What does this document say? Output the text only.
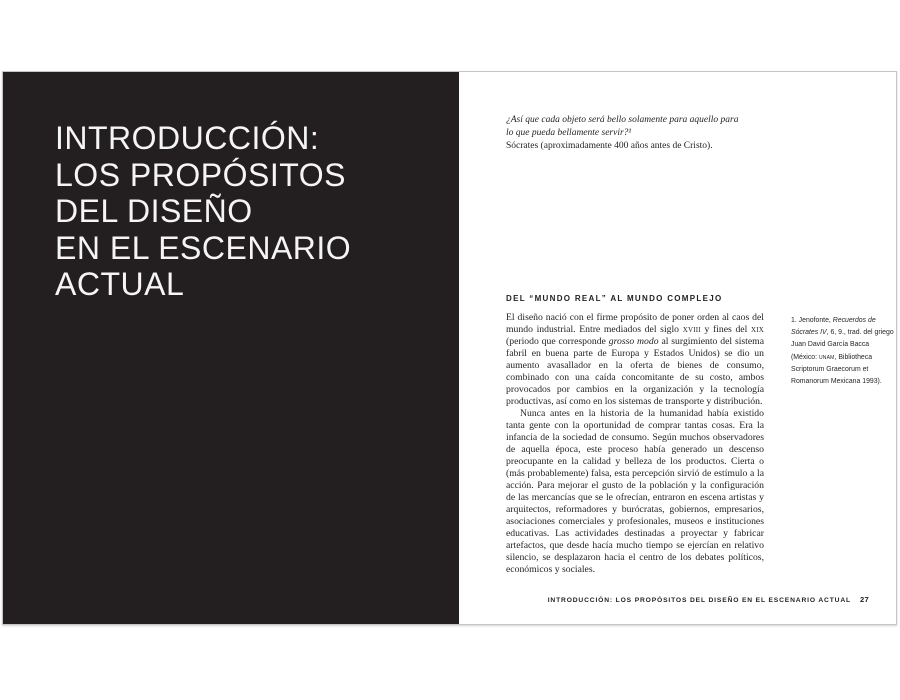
INTRODUCCIÓN:
LOS PROPÓSITOS
DEL DISEÑO
EN EL ESCENARIO
ACTUAL
¿Así que cada objeto será bello solamente para aquello para
lo que pueda bellamente servir?¹
Sócrates (aproximadamente 400 años antes de Cristo).
DEL “MUNDO REAL” AL MUNDO COMPLEJO

El diseño nació con el firme propósito de poner orden al caos del mundo industrial. Entre mediados del siglo xviii y fines del xix (periodo que corresponde grosso modo al surgimiento del sistema fabril en buena parte de Europa y Estados Unidos) se dio un aumento avasallador en la oferta de bienes de consumo, combinado con una caída concomitante de su costo, ambos provocados por cambios en la organización y la tecnología productivas, así como en los sistemas de transporte y distribución.

Nunca antes en la historia de la humanidad había existido tanta gente con la oportunidad de comprar tantas cosas. Era la infancia de la sociedad de consumo. Según muchos observadores de aquella época, este proceso había generado un descenso preocupante en la calidad y belleza de los productos. Cierta o (más probablemente) falsa, esta percepción sirvió de estímulo a la acción. Para mejorar el gusto de la población y la configuración de las mercancías que se le ofrecían, entraron en escena artistas y arquitectos, reformadores y burócratas, gobiernos, empresarios, asociaciones comerciales y profesionales, museos e instituciones educativas. Las actividades destinadas a proyectar y fabricar artefactos, que desde hacía mucho tiempo se ejercían en relativo silencio, se desplazaron hacia el centro de los debates políticos, económicos y sociales.

1. Jenofonte, Recuerdos de Sócrates IV, 6, 9., trad. del griego Juan David García Bacca (México: unam, Bibliotheca Scriptorum Graecorum et Romanorum Mexicana 1993).
INTRODUCCIÓN: LOS PROPÓSITOS DEL DISEÑO EN EL ESCENARIO ACTUAL 27
